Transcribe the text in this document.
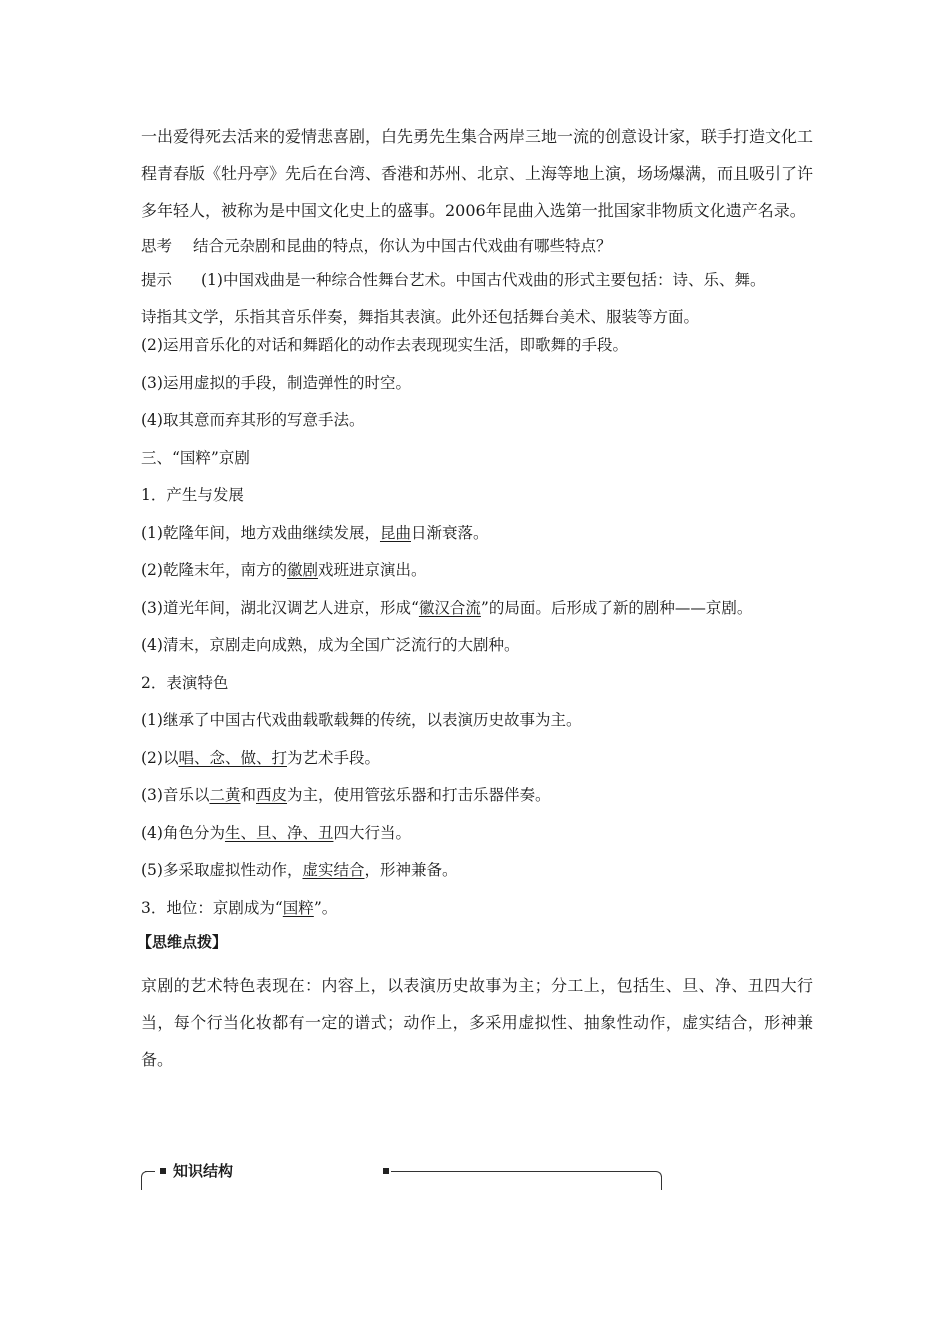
一出爱得死去活来的爱情悲喜剧，白先勇先生集合两岸三地一流的创意设计家，联手打造文化工程青春版《牡丹亭》先后在台湾、香港和苏州、北京、上海等地上演，场场爆满，而且吸引了许多年轻人，被称为是中国文化史上的盛事。2006年昆曲入选第一批国家非物质文化遗产名录。

思考 结合元杂剧和昆曲的特点，你认为中国古代戏曲有哪些特点？
提示 (1)中国戏曲是一种综合性舞台艺术。中国古代戏曲的形式主要包括：诗、乐、舞。

诗指其文学，乐指其音乐伴奏，舞指其表演。此外还包括舞台美术、服装等方面。

(2)运用音乐化的对话和舞蹈化的动作去表现现实生活，即歌舞的手段。
(3)运用虚拟的手段，制造弹性的时空。
(4)取其意而弃其形的写意手法。
三、“国粹”京剧
1．产生与发展
(1)乾隆年间，地方戏曲继续发展，昆曲日渐衰落。
(2)乾隆末年，南方的徽剧戏班进京演出。
(3)道光年间，湖北汉调艺人进京，形成“徽汉合流”的局面。后形成了新的剧种——京剧。
(4)清末，京剧走向成熟，成为全国广泛流行的大剧种。
2．表演特色
(1)继承了中国古代戏曲载歌载舞的传统，以表演历史故事为主。
(2)以唱、念、做、打为艺术手段。
(3)音乐以二黄和西皮为主，使用管弦乐器和打击乐器伴奏。
(4)角色分为生、旦、净、丑四大行当。
(5)多采取虚拟性动作，虚实结合，形神兼备。
3．地位：京剧成为“国粹”。
【思维点拨】

京剧的艺术特色表现在：内容上，以表演历史故事为主；分工上，包括生、旦、净、丑四大行当，每个行当化妆都有一定的谱式；动作上，多采用虚拟性、抽象性动作，虚实结合，形神兼备。

知识结构
